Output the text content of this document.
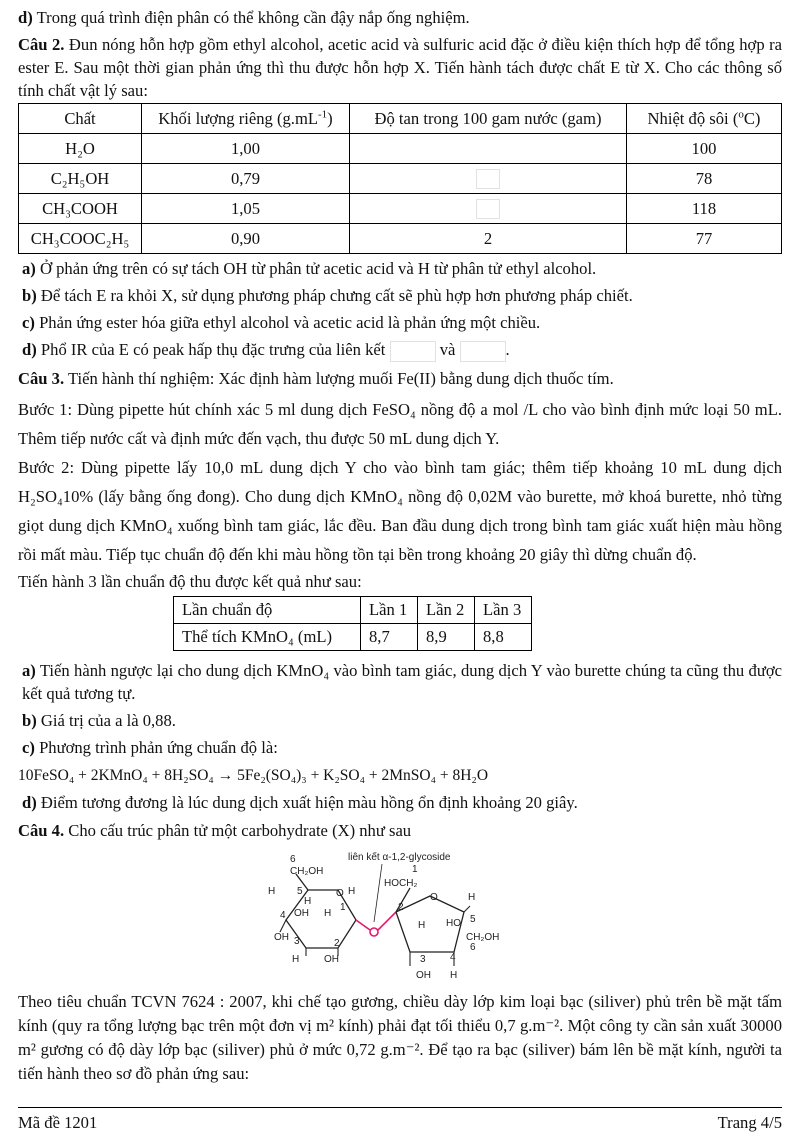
d) Trong quá trình điện phân có thể không cần đậy nắp ống nghiệm.

Câu 2. Đun nóng hỗn hợp gồm ethyl alcohol, acetic acid và sulfuric acid đặc ở điều kiện thích hợp để tổng hợp ra ester E. Sau một thời gian phản ứng thì thu được hỗn hợp X. Tiến hành tách được chất E từ X. Cho các thông số tính chất vật lý sau:

Chất	Khối lượng riêng $(g.mL^{-1})$	Độ tan trong 100 gam nước (gam)	Nhiệt độ sôi ($^o$C)
H₂O	1,00		100
C₂H₅OH	0,79		78
CH₃COOH	1,05		118
CH₃COOC₂H₅	0,90	2	77

a) Ở phản ứng trên có sự tách OH từ phân tử acetic acid và H từ phân tử ethyl alcohol.

b) Để tách E ra khỏi X, sử dụng phương pháp chưng cất sẽ phù hợp hơn phương pháp chiết.

c) Phản ứng ester hóa giữa ethyl alcohol và acetic acid là phản ứng một chiều.

d) Phổ IR của E có peak hấp thụ đặc trưng của liên kết	và	.

Câu 3. Tiến hành thí nghiệm: Xác định hàm lượng muối Fe(II) bằng dung dịch thuốc tím.

Bước 1: Dùng pipette hút chính xác 5 ml dung dịch FeSO₄ nồng độ a mol /L cho vào bình định mức loại 50 mL. Thêm tiếp nước cất và định mức đến vạch, thu được 50 mL dung dịch Y.

Bước 2: Dùng pipette lấy 10,0 mL dung dịch Y cho vào bình tam giác; thêm tiếp khoảng 10 mL dung dịch H₂SO₄10% (lấy bằng ống đong). Cho dung dịch KMnO₄ nồng độ 0,02M vào burette, mở khoá burette, nhỏ từng giọt dung dịch KMnO₄ xuống bình tam giác, lắc đều. Ban đầu dung dịch trong bình tam giác xuất hiện màu hồng rồi mất màu. Tiếp tục chuẩn độ đến khi màu hồng tồn tại bền trong khoảng 20 giây thì dừng chuẩn độ.

Tiến hành 3 lần chuẩn độ thu được kết quả như sau:

Lần chuẩn độ	Lần 1	Lần 2	Lần 3
Thể tích KMnO₄ (mL)	8,7	8,9	8,8

a) Tiến hành ngược lại cho dung dịch KMnO₄ vào bình tam giác, dung dịch Y vào burette chúng ta cũng thu được kết quả tương tự.

b) Giá trị của a là 0,88.

c) Phương trình phản ứng chuẩn độ là:

10FeSO₄ + 2KMnO₄ + 8H₂SO₄ → 5Fe₂(SO₄)₃ + K₂SO₄ + 2MnSO₄ + 8H₂O

d) Điểm tương đương là lúc dung dịch xuất hiện màu hồng ổn định khoảng 20 giây.

Câu 4. Cho cấu trúc phân tử một carbohydrate (X) như sau

liên kết α-1,2-glycoside
6
CH₂OH
H 5	O H
H
4 OH H
1
OH 3	2
H OH
1
HOCH₂
O	H
2
5
H HO
CH₂OH
6
3 4
OH H

Theo tiêu chuẩn TCVN 7624 : 2007, khi chế tạo gương, chiều dày lớp kim loại bạc (siliver) phủ trên bề mặt tấm kính (quy ra tổng lượng bạc trên một đơn vị m² kính) phải đạt tối thiểu 0,7 g.m⁻². Một công ty cần sản xuất 30000 m² gương có độ dày lớp bạc (siliver) phủ ở mức 0,72 g.m⁻². Để tạo ra bạc (siliver) bám lên bề mặt kính, người ta tiến hành theo sơ đồ phản ứng sau:

Mã đề 1201	Trang 4/5
